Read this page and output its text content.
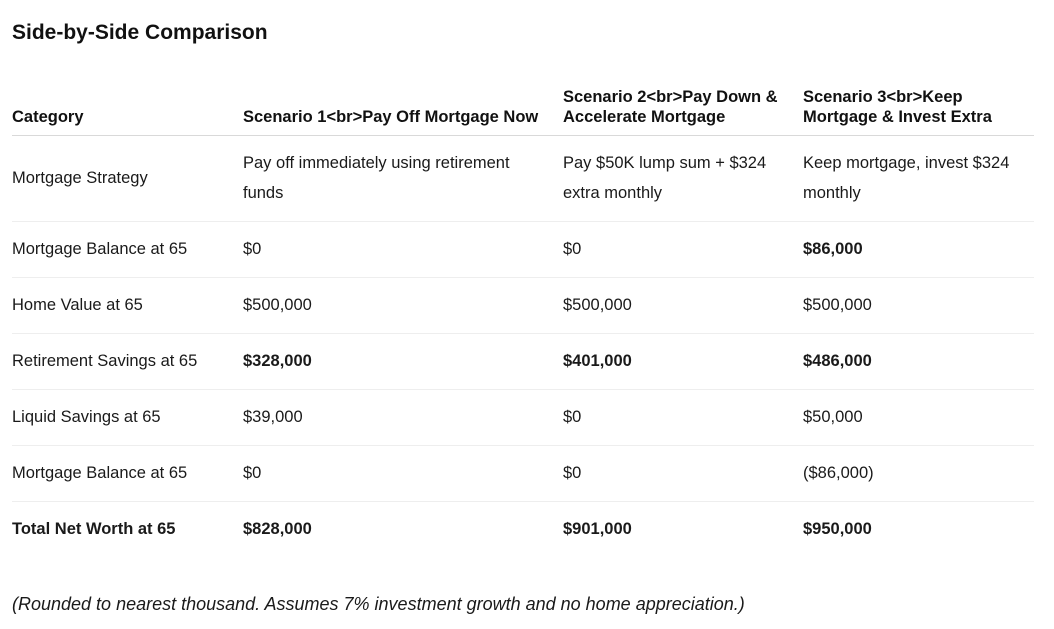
Side-by-Side Comparison
Category	Scenario 1<br>Pay Off Mortgage Now	Scenario 2<br>Pay Down & Accelerate Mortgage	Scenario 3<br>Keep Mortgage & Invest Extra
Mortgage Strategy	Pay off immediately using retirement funds	Pay $50K lump sum + $324 extra monthly	Keep mortgage, invest $324 monthly
Mortgage Balance at 65	$0	$0	$86,000
Home Value at 65	$500,000	$500,000	$500,000
Retirement Savings at 65	$328,000	$401,000	$486,000
Liquid Savings at 65	$39,000	$0	$50,000
Mortgage Balance at 65	$0	$0	($86,000)
Total Net Worth at 65	$828,000	$901,000	$950,000
(Rounded to nearest thousand. Assumes 7% investment growth and no home appreciation.)
